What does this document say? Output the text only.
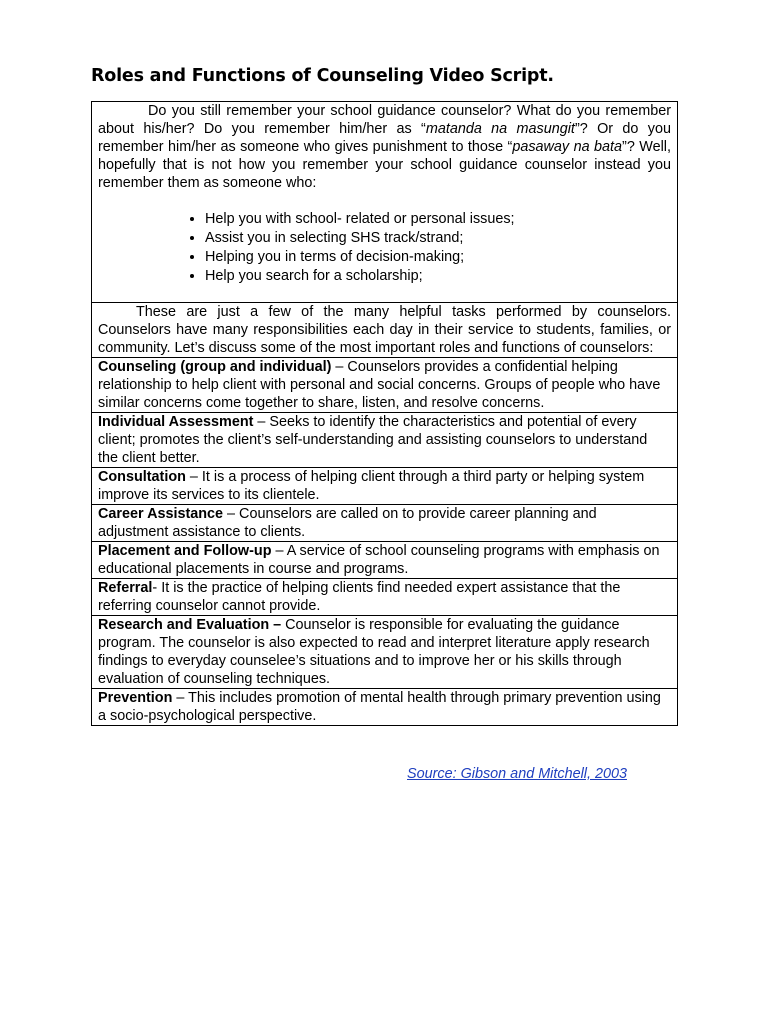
Roles and Functions of Counseling Video Script.
Do you still remember your school guidance counselor? What do you remember about his/her? Do you remember him/her as “matanda na masungit”? Or do you remember him/her as someone who gives punishment to those “pasaway na bata”? Well, hopefully that is not how you remember your school guidance counselor instead you remember them as someone who:
• Help you with school- related or personal issues;
• Assist you in selecting SHS track/strand;
• Helping you in terms of decision-making;
• Help you search for a scholarship;

These are just a few of the many helpful tasks performed by counselors. Counselors have many responsibilities each day in their service to students, families, or community. Let’s discuss some of the most important roles and functions of counselors:
Counseling (group and individual) – Counselors provides a confidential helping relationship to help client with personal and social concerns. Groups of people who have similar concerns come together to share, listen, and resolve concerns.
Individual Assessment – Seeks to identify the characteristics and potential of every client; promotes the client’s self-understanding and assisting counselors to understand the client better.
Consultation – It is a process of helping client through a third party or helping system improve its services to its clientele.
Career Assistance – Counselors are called on to provide career planning and adjustment assistance to clients.
Placement and Follow-up – A service of school counseling programs with emphasis on educational placements in course and programs.
Referral- It is the practice of helping clients find needed expert assistance that the referring counselor cannot provide.
Research and Evaluation – Counselor is responsible for evaluating the guidance program. The counselor is also expected to read and interpret literature apply research findings to everyday counselee’s situations and to improve her or his skills through evaluation of counseling techniques.
Prevention – This includes promotion of mental health through primary prevention using a socio-psychological perspective.
Source: Gibson and Mitchell, 2003
